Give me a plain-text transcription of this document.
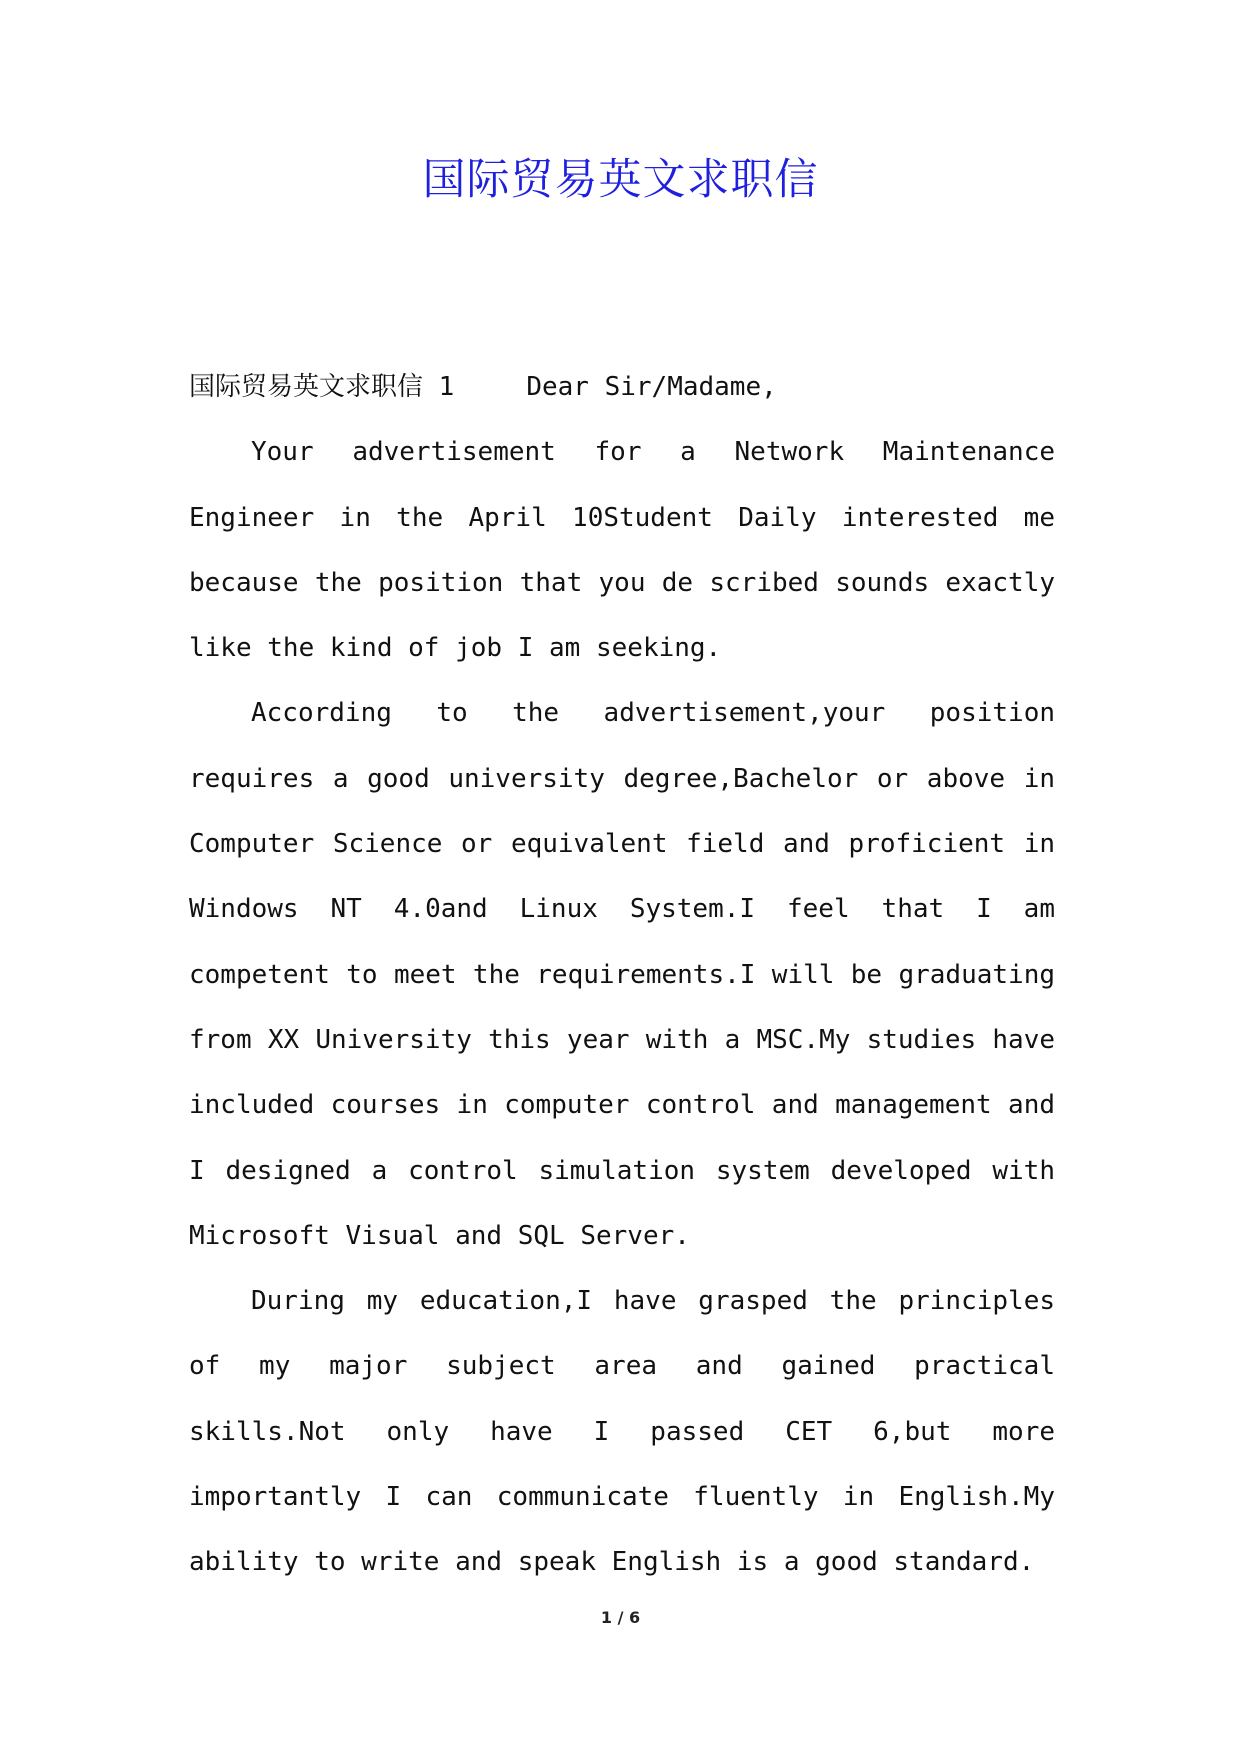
国际贸易英文求职信

国际贸易英文求职信 1	Dear Sir/Madame,

Your advertisement for a Network Maintenance Engineer in the April 10Student Daily interested me because the position that you de scribed sounds exactly like the kind of job I am seeking.

According to the advertisement,your position requires a good university degree,Bachelor or above in Computer Science or equivalent field and proficient in Windows NT 4.0and Linux System.I feel that I am competent to meet the requirements.I will be graduating from XX University this year with a MSC.My studies have included courses in computer control and management and I designed a control simulation system developed with Microsoft Visual and SQL Server.

During my education,I have grasped the principles of my major subject area and gained practical skills.Not only have I passed CET 6,but more importantly I can communicate fluently in English.My ability to write and speak English is a good standard.

1 / 6
